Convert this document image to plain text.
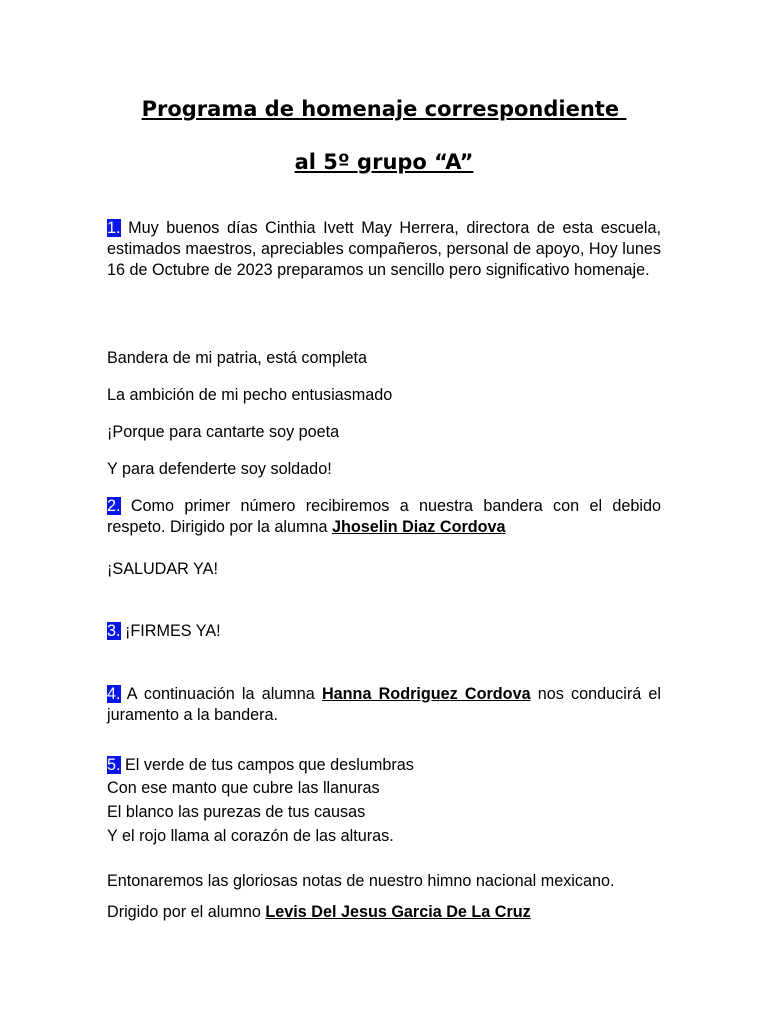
Programa de homenaje correspondiente
al 5º grupo “A”
1. Muy buenos días Cinthia Ivett May Herrera, directora de esta escuela, estimados maestros, apreciables compañeros, personal de apoyo, Hoy lunes 16 de Octubre de 2023 preparamos un sencillo pero significativo homenaje.
Bandera de mi patria, está completa
La ambición de mi pecho entusiasmado
¡Porque para cantarte soy poeta
Y para defenderte soy soldado!
2. Como primer número recibiremos a nuestra bandera con el debido respeto. Dirigido por la alumna Jhoselin Diaz Cordova
¡SALUDAR YA!
3. ¡FIRMES YA!
4. A continuación la alumna Hanna Rodriguez Cordova nos conducirá el juramento a la bandera.
5. El verde de tus campos que deslumbras
Con ese manto que cubre las llanuras
El blanco las purezas de tus causas
Y el rojo llama al corazón de las alturas.
Entonaremos las gloriosas notas de nuestro himno nacional mexicano.
Drigido por el alumno Levis Del Jesus Garcia De La Cruz
